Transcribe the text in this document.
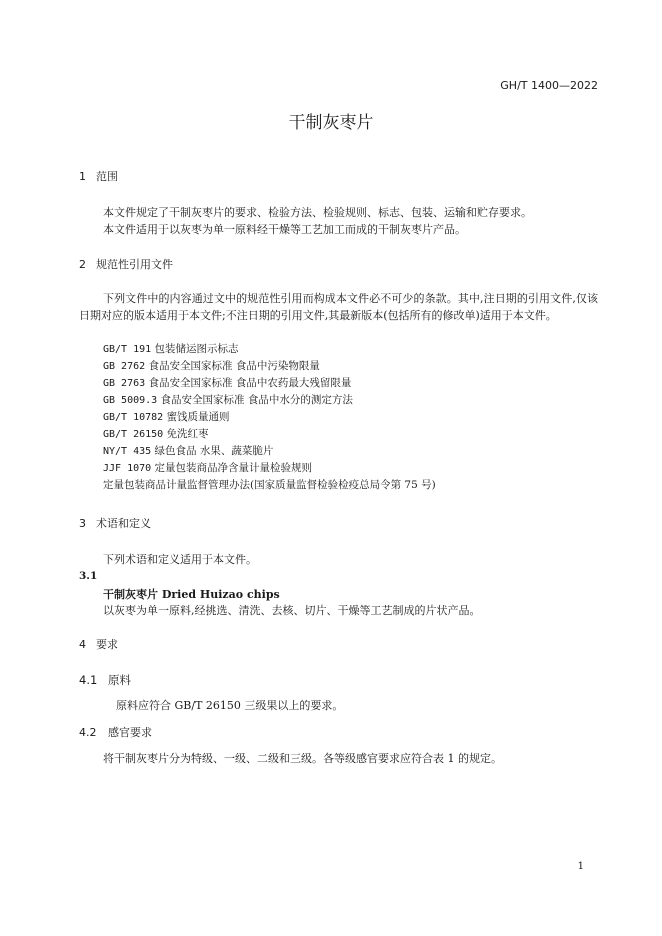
GH/T 1400—2022
干制灰枣片
1 范围
本文件规定了干制灰枣片的要求、检验方法、检验规则、标志、包装、运输和贮存要求。
本文件适用于以灰枣为单一原料经干燥等工艺加工而成的干制灰枣片产品。
2 规范性引用文件
下列文件中的内容通过文中的规范性引用而构成本文件必不可少的条款。其中,注日期的引用文件,仅该日期对应的版本适用于本文件;不注日期的引用文件,其最新版本(包括所有的修改单)适用于本文件。
GB/T 191 包装储运图示标志
GB 2762 食品安全国家标准 食品中污染物限量
GB 2763 食品安全国家标准 食品中农药最大残留限量
GB 5009.3 食品安全国家标准 食品中水分的测定方法
GB/T 10782 蜜饯质量通则
GB/T 26150 免洗红枣
NY/T 435 绿色食品 水果、蔬菜脆片
JJF 1070 定量包装商品净含量计量检验规则
定量包装商品计量监督管理办法(国家质量监督检验检疫总局令第 75 号)
3 术语和定义
下列术语和定义适用于本文件。
3.1
干制灰枣片 Dried Huizao chips
以灰枣为单一原料,经挑选、清洗、去核、切片、干燥等工艺制成的片状产品。
4 要求
4.1 原料
原料应符合 GB/T 26150 三级果以上的要求。
4.2 感官要求
将干制灰枣片分为特级、一级、二级和三级。各等级感官要求应符合表 1 的规定。
1
